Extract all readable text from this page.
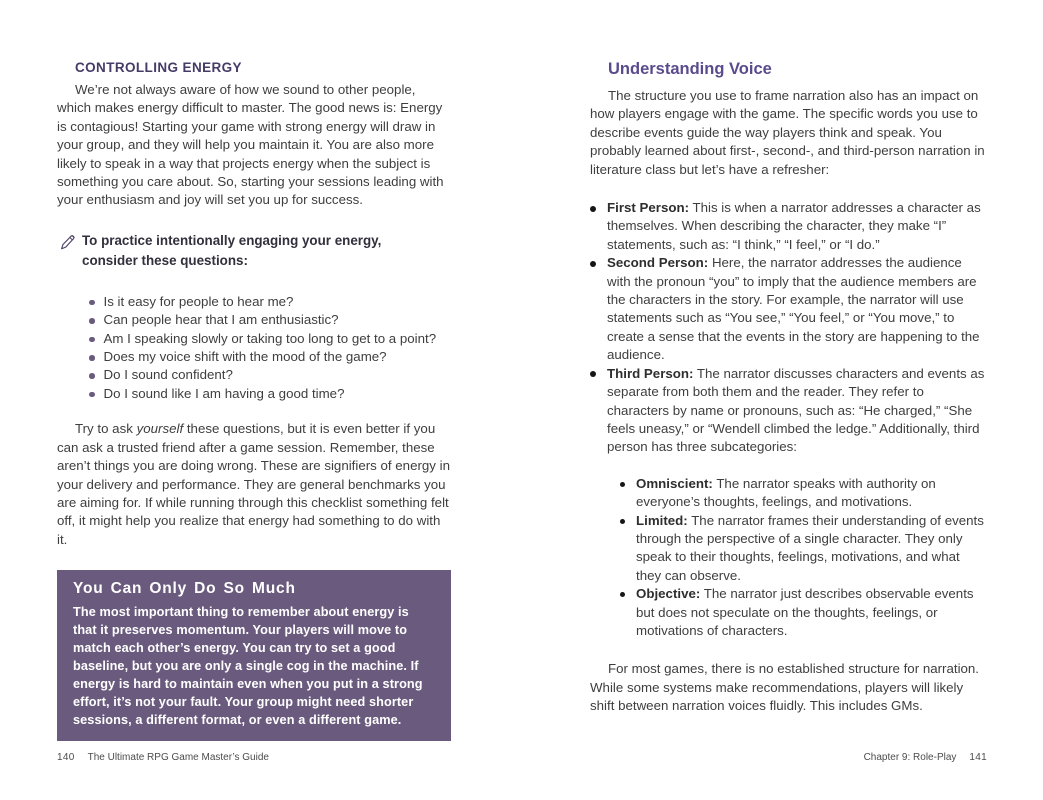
CONTROLLING ENERGY

We’re not always aware of how we sound to other people, which makes energy difficult to master. The good news is: Energy is contagious! Starting your game with strong energy will draw in your group, and they will help you maintain it. You are also more likely to speak in a way that projects energy when the subject is something you care about. So, starting your sessions leading with your enthusiasm and joy will set you up for success.

To practice intentionally engaging your energy, consider these questions:

Is it easy for people to hear me?
Can people hear that I am enthusiastic?
Am I speaking slowly or taking too long to get to a point?
Does my voice shift with the mood of the game?
Do I sound confident?
Do I sound like I am having a good time?

Try to ask yourself these questions, but it is even better if you can ask a trusted friend after a game session. Remember, these aren’t things you are doing wrong. These are signifiers of energy in your delivery and performance. They are general benchmarks you are aiming for. If while running through this checklist something felt off, it might help you realize that energy had something to do with it.

You Can Only Do So Much

The most important thing to remember about energy is that it preserves momentum. Your players will move to match each other’s energy. You can try to set a good baseline, but you are only a single cog in the machine. If energy is hard to maintain even when you put in a strong effort, it’s not your fault. Your group might need shorter sessions, a different format, or even a different game.

Understanding Voice

The structure you use to frame narration also has an impact on how players engage with the game. The specific words you use to describe events guide the way players think and speak. You probably learned about first-, second-, and third-person narration in literature class but let’s have a refresher:

First Person: This is when a narrator addresses a character as themselves. When describing the character, they make “I” statements, such as: “I think,” “I feel,” or “I do.”
Second Person: Here, the narrator addresses the audience with the pronoun “you” to imply that the audience members are the characters in the story. For example, the narrator will use statements such as “You see,” “You feel,” or “You move,” to create a sense that the events in the story are happening to the audience.
Third Person: The narrator discusses characters and events as separate from both them and the reader. They refer to characters by name or pronouns, such as: “He charged,” “She feels uneasy,” or “Wendell climbed the ledge.” Additionally, third person has three subcategories:
Omniscient: The narrator speaks with authority on everyone’s thoughts, feelings, and motivations.
Limited: The narrator frames their understanding of events through the perspective of a single character. They only speak to their thoughts, feelings, motivations, and what they can observe.
Objective: The narrator just describes observable events but does not speculate on the thoughts, feelings, or motivations of characters.

For most games, there is no established structure for narration. While some systems make recommendations, players will likely shift between narration voices fluidly. This includes GMs.

140 The Ultimate RPG Game Master’s Guide	Chapter 9: Role-Play 141
